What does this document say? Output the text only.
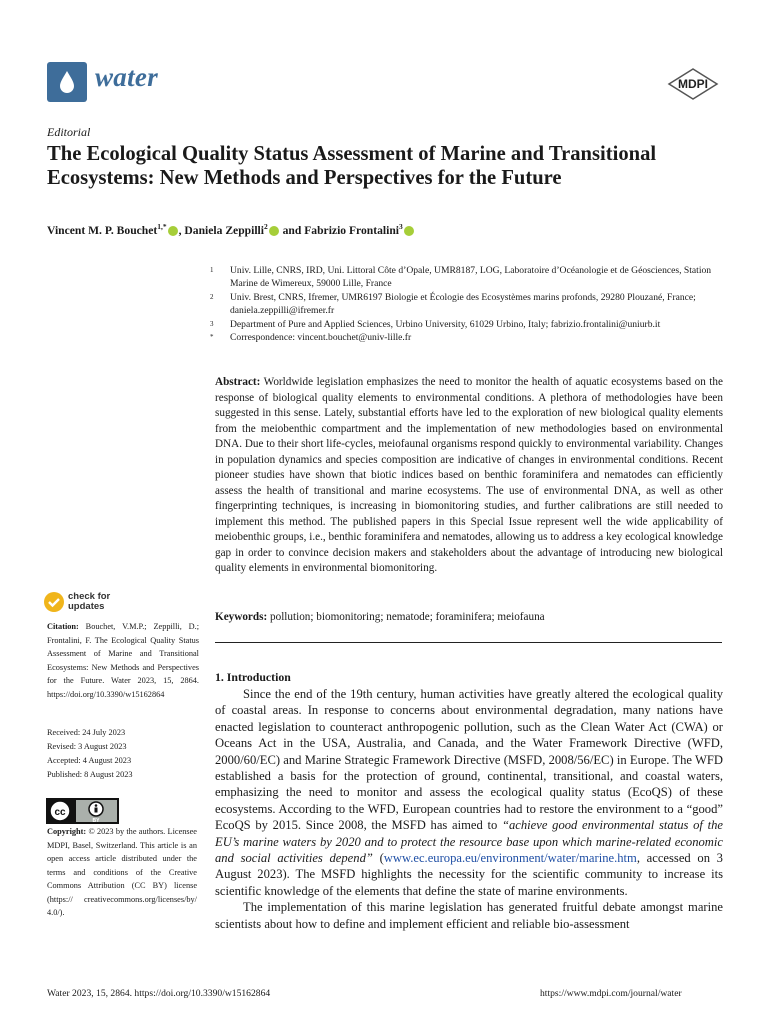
water	MDPI
Editorial
The Ecological Quality Status Assessment of Marine and Transitional Ecosystems: New Methods and Perspectives for the Future
Vincent M. P. Bouchet$^{1,*}$ , Daniela Zeppilli$^2$ and Fabrizio Frontalini$^3$
1	Univ. Lille, CNRS, IRD, Uni. Littoral Côte d’Opale, UMR8187, LOG, Laboratoire d’Océanologie et de Géosciences, Station Marine de Wimereux, 59000 Lille, France
2	Univ. Brest, CNRS, Ifremer, UMR6197 Biologie et Écologie des Ecosystèmes marins profonds, 29280 Plouzané, France; daniela.zeppilli@ifremer.fr
3	Department of Pure and Applied Sciences, Urbino University, 61029 Urbino, Italy; fabrizio.frontalini@uniurb.it
*	Correspondence: vincent.bouchet@univ-lille.fr
Abstract: Worldwide legislation emphasizes the need to monitor the health of aquatic ecosystems based on the response of biological quality elements to environmental conditions. A plethora of methodologies have been suggested in this sense. Lately, substantial efforts have led to the exploration of new biological quality elements from the meiobenthic compartment and the implementation of new methodologies based on environmental DNA. Due to their short life-cycles, meiofaunal organisms respond quickly to environmental variability. Changes in population dynamics and species composition are indicative of changes in environmental conditions. Recent pioneer studies have shown that biotic indices based on benthic foraminifera and nematodes can efficiently assess the health of transitional and marine ecosystems. The use of environmental DNA, as well as other fingerprinting techniques, is increasing in biomonitoring studies, and further calibrations are still needed to implement this method. The published papers in this Special Issue represent well the wide applicability of meiobenthic groups, i.e., benthic foraminifera and nematodes, allowing us to address a key ecological knowledge gap in order to convince decision makers and stakeholders about the advantage of introducing new biological quality elements in environmental biomonitoring.
Keywords: pollution; biomonitoring; nematode; foraminifera; meiofauna
1. Introduction

Since the end of the 19th century, human activities have greatly altered the ecological quality of coastal areas. In response to concerns about environmental degradation, many nations have enacted legislation to counteract anthropogenic pollution, such as the Clean Water Act (CWA) or Oceans Act in the USA, Australia, and Canada, and the Water Framework Directive (WFD, 2000/60/EC) and Marine Strategic Framework Directive (MSFD, 2008/56/EC) in Europe. The WFD established a basis for the protection of ground, continental, transitional, and coastal waters, emphasizing the need to monitor and assess the ecological quality status (EcoQS) of these ecosystems. According to the WFD, European countries had to restore the environment to a “good” EcoQS by 2015. Since 2008, the MSFD has aimed to “achieve good environmental status of the EU’s marine waters by 2020 and to protect the resource base upon which marine-related economic and social activities depend” (www.ec.europa.eu/environment/water/marine.htm, accessed on 3 August 2023). The MSFD highlights the necessity for the scientific community to increase its scientific knowledge of the elements that define the state of marine environments.

The implementation of this marine legislation has generated fruitful debate amongst marine scientists about how to define and implement efficient and reliable bio-assessment

check for
updates
Citation: Bouchet, V.M.P.; Zeppilli, D.; Frontalini, F. The Ecological Quality Status Assessment of Marine and Transitional Ecosystems: New Methods and Perspectives for the Future. Water 2023, 15, 2864. https://doi.org/10.3390/w15162864
Received: 24 July 2023
Revised: 3 August 2023
Accepted: 4 August 2023
Published: 8 August 2023
cc
BY
Copyright: © 2023 by the authors. Licensee MDPI, Basel, Switzerland. This article is an open access article distributed under the terms and conditions of the Creative Commons Attribution (CC BY) license (https:// creativecommons.org/licenses/by/ 4.0/).
Water 2023, 15, 2864. https://doi.org/10.3390/w15162864	https://www.mdpi.com/journal/water
